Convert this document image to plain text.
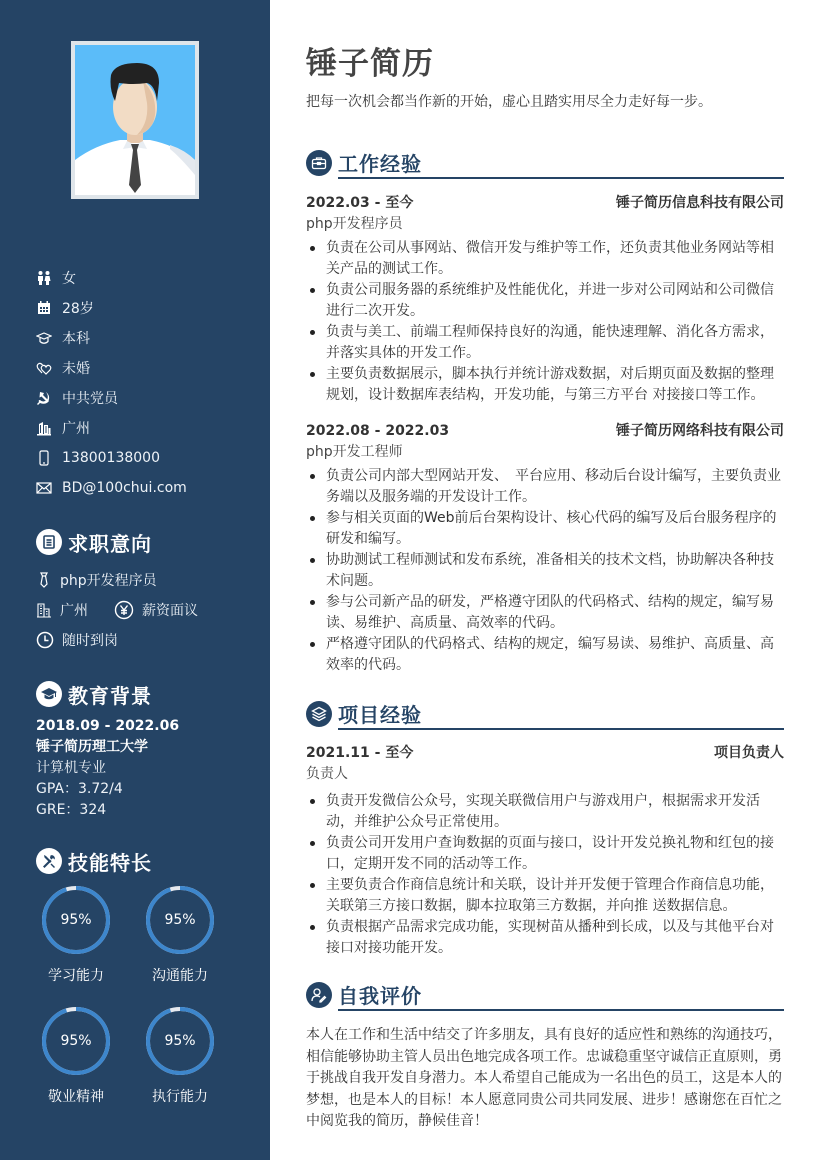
女
28岁
本科
未婚
中共党员
广州
13800138000
BD@100chui.com
求职意向
php开发程序员
广州	薪资面议
随时到岗
教育背景
2018.09 - 2022.06
锤子简历理工大学
计算机专业
GPA：3.72/4
GRE：324
技能特长
95%
学习能力
95%
沟通能力
95%
敬业精神
95%
执行能力
锤子简历
把每一次机会都当作新的开始，虚心且踏实用尽全力走好每一步。
工作经验
2022.03 - 至今	锤子简历信息科技有限公司
php开发程序员
负责在公司从事网站、微信开发与维护等工作，还负责其他业务网站等相关产品的测试工作。
负责公司服务器的系统维护及性能优化，并进一步对公司网站和公司微信进行二次开发。
负责与美工、前端工程师保持良好的沟通，能快速理解、消化各方需求，并落实具体的开发工作。
主要负责数据展示，脚本执行并统计游戏数据，对后期页面及数据的整理规划，设计数据库表结构，开发功能，与第三方平台 对接接口等工作。
2022.08 - 2022.03	锤子简历网络科技有限公司
php开发工程师
负责公司内部大型网站开发、　平台应用、移动后台设计编写，主要负责业务端以及服务端的开发设计工作。
参与相关页面的Web前后台架构设计、核心代码的编写及后台服务程序的研发和编写。
协助测试工程师测试和发布系统，准备相关的技术文档，协助解决各种技术问题。
参与公司新产品的研发，严格遵守团队的代码格式、结构的规定，编写易读、易维护、高质量、高效率的代码。
严格遵守团队的代码格式、结构的规定，编写易读、易维护、高质量、高效率的代码。
项目经验
2021.11 - 至今	项目负责人
负责人
负责开发微信公众号，实现关联微信用户与游戏用户，根据需求开发活动，并维护公众号正常使用。
负责公司开发用户查询数据的页面与接口，设计开发兑换礼物和红包的接口，定期开发不同的活动等工作。
主要负责合作商信息统计和关联，设计并开发便于管理合作商信息功能，关联第三方接口数据，脚本拉取第三方数据，并向推 送数据信息。
负责根据产品需求完成功能，实现树苗从播种到长成，以及与其他平台对接口对接功能开发。
自我评价

本人在工作和生活中结交了许多朋友，具有良好的适应性和熟练的沟通技巧，相信能够协助主管人员出色地完成各项工作。忠诚稳重坚守诚信正直原则，勇于挑战自我开发自身潜力。本人希望自己能成为一名出色的员工，这是本人的梦想，也是本人的目标！本人愿意同贵公司共同发展、进步！感谢您在百忙之中阅览我的简历，静候佳音！
